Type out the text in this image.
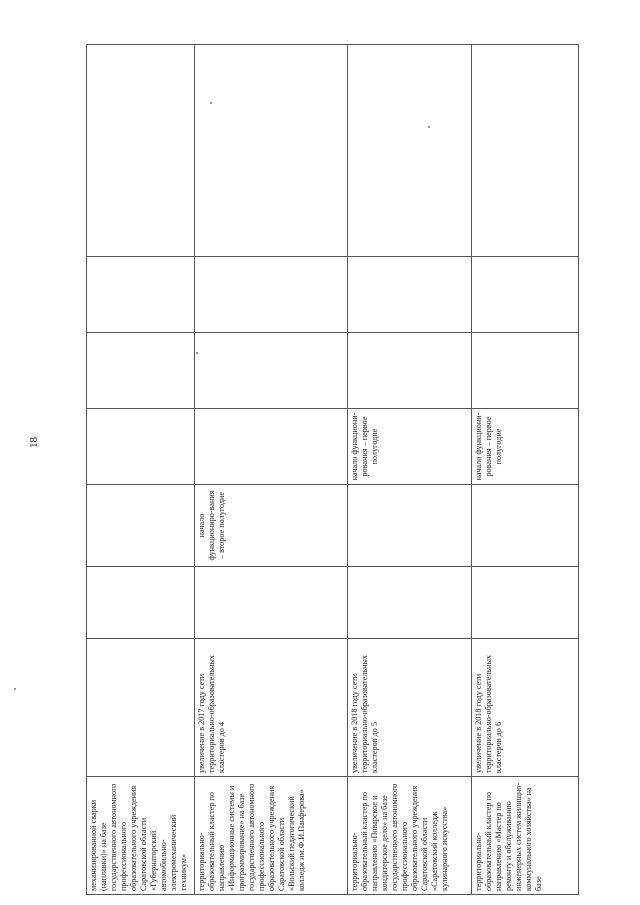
18
механизированной сварки (наплавки)» на базе государственного автономного профессионального образовательного учреждения Саратовской области «Губернаторский автомобильно-электромеханический техникум»							
территориально-образовательный кластер по направлению «Информационные системы и программирование» на базе государственного автономного профессионального образовательного учреждения Саратовской области «Вольский педагогический колледж им.Ф.И.Панферова»	увеличение в 2017 году сети территориально-образовательных кластеров до 4		начало функциониро-вания – второе полугодие				
территориально-образовательный кластер по направлению «Поварское и кондитерское дело» на базе государственного автономного профессионального образовательного учреждения Саратовской области «Саратовский колледж кулинарного искусства»	увеличение в 2018 году сети территориально-образовательных кластеров до 5			начало функциони-рования – первое полугодие			
территориально-образовательный кластер по направлению «Мастер по ремонту и обслуживанию инженерных систем жилищно-коммунального хозяйства» на базе	увеличение в 2018 году сети территориально-образовательных кластеров до 6			начало функциони-рования – первое полугодие			
